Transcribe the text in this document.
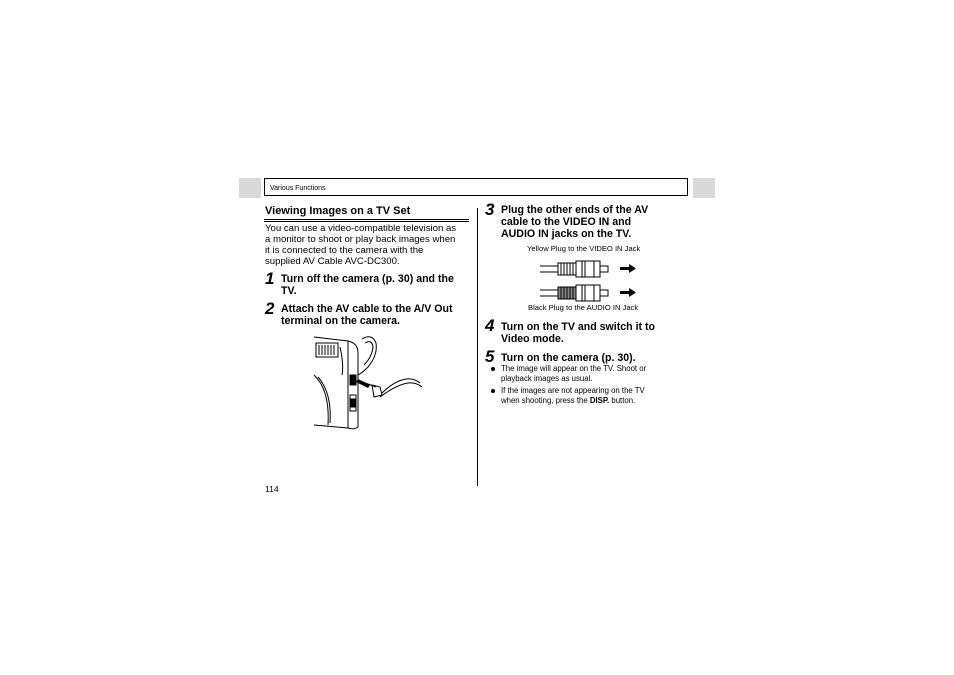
Various Functions
Viewing Images on a TV Set
You can use a video-compatible television as
a monitor to shoot or play back images when
it is connected to the camera with the
supplied AV Cable AVC-DC300.
1 Turn off the camera (p. 30) and the
TV.
2 Attach the AV cable to the A/V Out
terminal on the camera.
3 Plug the other ends of the AV
cable to the VIDEO IN and
AUDIO IN jacks on the TV.
Yellow Plug to the VIDEO IN Jack
Black Plug to the AUDIO IN Jack
4 Turn on the TV and switch it to
Video mode.
5 Turn on the camera (p. 30).
The image will appear on the TV. Shoot or
playback images as usual.
If the images are not appearing on the TV
when shooting, press the DISP. button.
114
